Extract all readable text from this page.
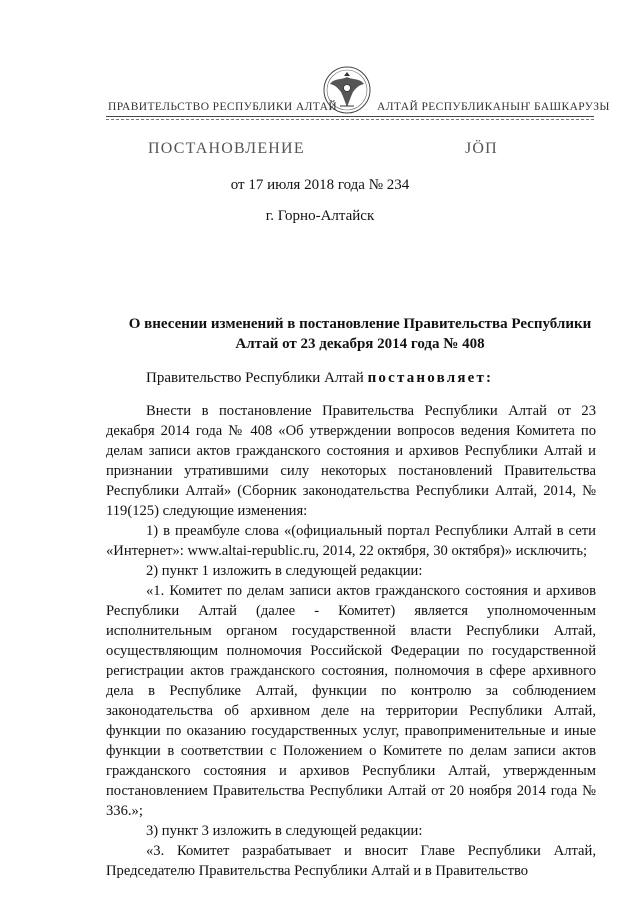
ПРАВИТЕЛЬСТВО РЕСПУБЛИКИ АЛТАЙ	АЛТАЙ РЕСПУБЛИКАНЫҤ БАШКАРУЗЫ
ПОСТАНОВЛЕНИЕ	ЈӦП
от 17 июля 2018 года № 234
г. Горно-Алтайск
О внесении изменений в постановление Правительства Республики
Алтай от 23 декабря 2014 года № 408
Правительство Республики Алтай постановляет:

Внести в постановление Правительства Республики Алтай от 23 декабря 2014 года № 408 «Об утверждении вопросов ведения Комитета по делам записи актов гражданского состояния и архивов Республики Алтай и признании утратившими силу некоторых постановлений Правительства Республики Алтай» (Сборник законодательства Республики Алтай, 2014, № 119(125) следующие изменения:

1) в преамбуле слова «(официальный портал Республики Алтай в сети «Интернет»: www.altai-republic.ru, 2014, 22 октября, 30 октября)» исключить;

2) пункт 1 изложить в следующей редакции:

«1. Комитет по делам записи актов гражданского состояния и архивов Республики Алтай (далее - Комитет) является уполномоченным исполнительным органом государственной власти Республики Алтай, осуществляющим полномочия Российской Федерации по государственной регистрации актов гражданского состояния, полномочия в сфере архивного дела в Республике Алтай, функции по контролю за соблюдением законодательства об архивном деле на территории Республики Алтай, функции по оказанию государственных услуг, правоприменительные и иные функции в соответствии с Положением о Комитете по делам записи актов гражданского состояния и архивов Республики Алтай, утвержденным постановлением Правительства Республики Алтай от 20 ноября 2014 года № 336.»;

3) пункт 3 изложить в следующей редакции:

«3. Комитет разрабатывает и вносит Главе Республики Алтай, Председателю Правительства Республики Алтай и в Правительство
